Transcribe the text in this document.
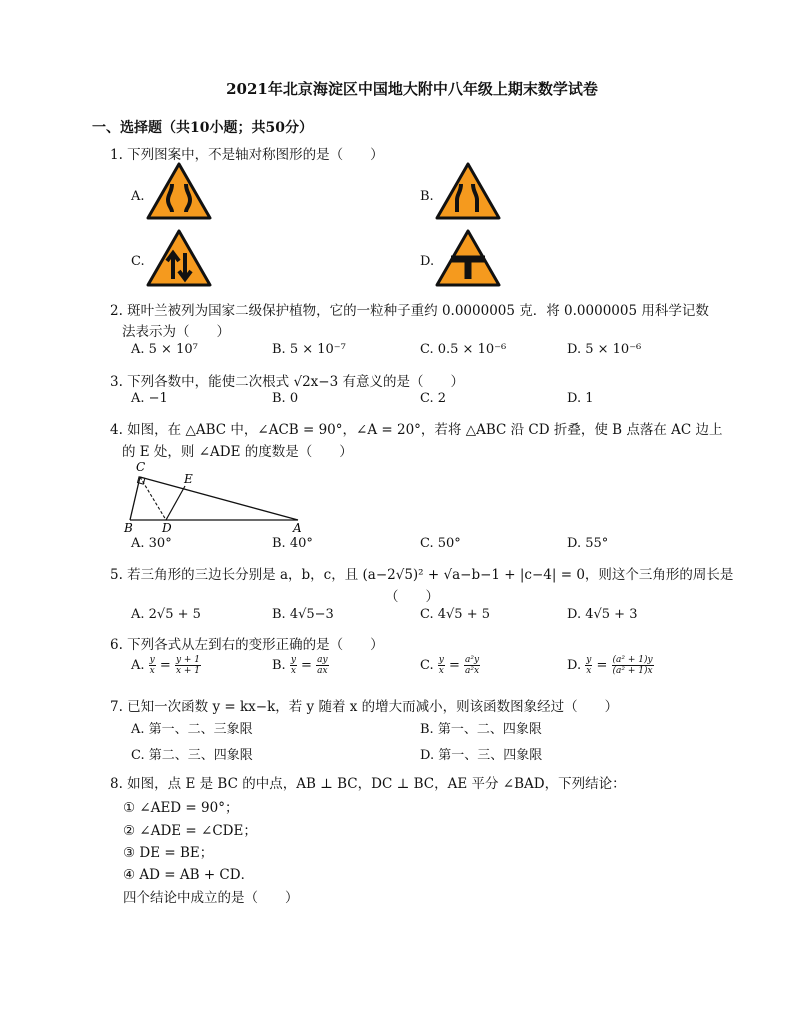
2021年北京海淀区中国地大附中八年级上期末数学试卷
一、选择题（共10小题；共50分）
1. 下列图案中，不是轴对称图形的是（　　）
A.	B.
C.	D.
2. 斑叶兰被列为国家二级保护植物，它的一粒种子重约 0.0000005 克．将 0.0000005 用科学记数
法表示为（　　）
A. 5 × 10⁷	B. 5 × 10⁻⁷	C. 0.5 × 10⁻⁶	D. 5 × 10⁻⁶
3. 下列各数中，能使二次根式 √2x−3 有意义的是（　　）
A. −1	B. 0	C. 2	D. 1
4. 如图，在 △ABC 中，∠ACB = 90°，∠A = 20°，若将 △ABC 沿 CD 折叠，使 B 点落在 AC 边上
的 E 处，则 ∠ADE 的度数是（　　）
C
E
B D	A
A. 30°	B. 40°	C. 50°	D. 55°
5. 若三角形的三边长分别是 a，b，c，且 (a−2√5)² + √a−b−1 + |c−4| = 0，则这个三角形的周长是
（　　）
A. 2√5 + 5	B. 4√5−3	C. 4√5 + 5	D. 4√5 + 3
6. 下列各式从左到右的变形正确的是（　　）
A. $\frac{y}{x} = \frac{y + 1}{x + 1}$	B. $\frac{y}{x} = \frac{ay}{ax}$	C. $\frac{y}{x} = \frac{\text{a²y}}{\text{a²x}}$	D. $\frac{y}{x} = \frac{\text{(a² + 1)y}}{\text{(a² + 1)x}}$
7. 已知一次函数 y = kx−k，若 y 随着 x 的增大而减小，则该函数图象经过（　　）
A. 第一、二、三象限	B. 第一、二、四象限
C. 第二、三、四象限	D. 第一、三、四象限
8. 如图，点 E 是 BC 的中点，AB ⊥ BC，DC ⊥ BC，AE 平分 ∠BAD，下列结论：
① ∠AED = 90°；
② ∠ADE = ∠CDE；
③ DE = BE；
④ AD = AB + CD．
四个结论中成立的是（　　）
